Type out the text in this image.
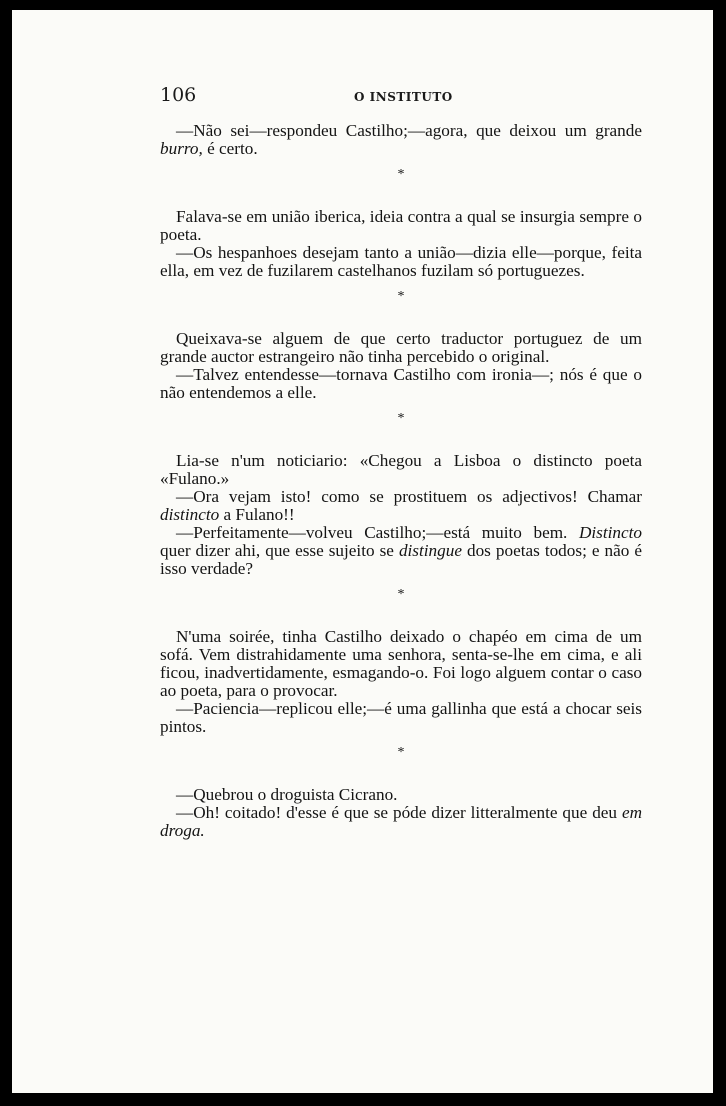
106	O INSTITUTO

—Não sei—respondeu Castilho;—agora, que deixou um grande burro, é certo.

*

Falava-se em união iberica, ideia contra a qual se insurgia sempre o poeta.

—Os hespanhoes desejam tanto a união—dizia elle—porque, feita ella, em vez de fuzilarem castelhanos fuzilam só portuguezes.

*

Queixava-se alguem de que certo traductor portuguez de um grande auctor estrangeiro não tinha percebido o original.

—Talvez entendesse—tornava Castilho com ironia—; nós é que o não entendemos a elle.

*

Lia-se n'um noticiario: «Chegou a Lisboa o distincto poeta «Fulano.»

—Ora vejam isto! como se prostituem os adjectivos! Chamar distincto a Fulano!!

—Perfeitamente—volveu Castilho;—está muito bem. Distincto quer dizer ahi, que esse sujeito se distingue dos poetas todos; e não é isso verdade?

*

N'uma soirée, tinha Castilho deixado o chapéo em cima de um sofá. Vem distrahidamente uma senhora, senta-se-lhe em cima, e ali ficou, inadvertidamente, esmagando-o. Foi logo alguem contar o caso ao poeta, para o provocar.

—Paciencia—replicou elle;—é uma gallinha que está a chocar seis pintos.

*

—Quebrou o droguista Cicrano.

—Oh! coitado! d'esse é que se póde dizer litteralmente que deu em droga.
